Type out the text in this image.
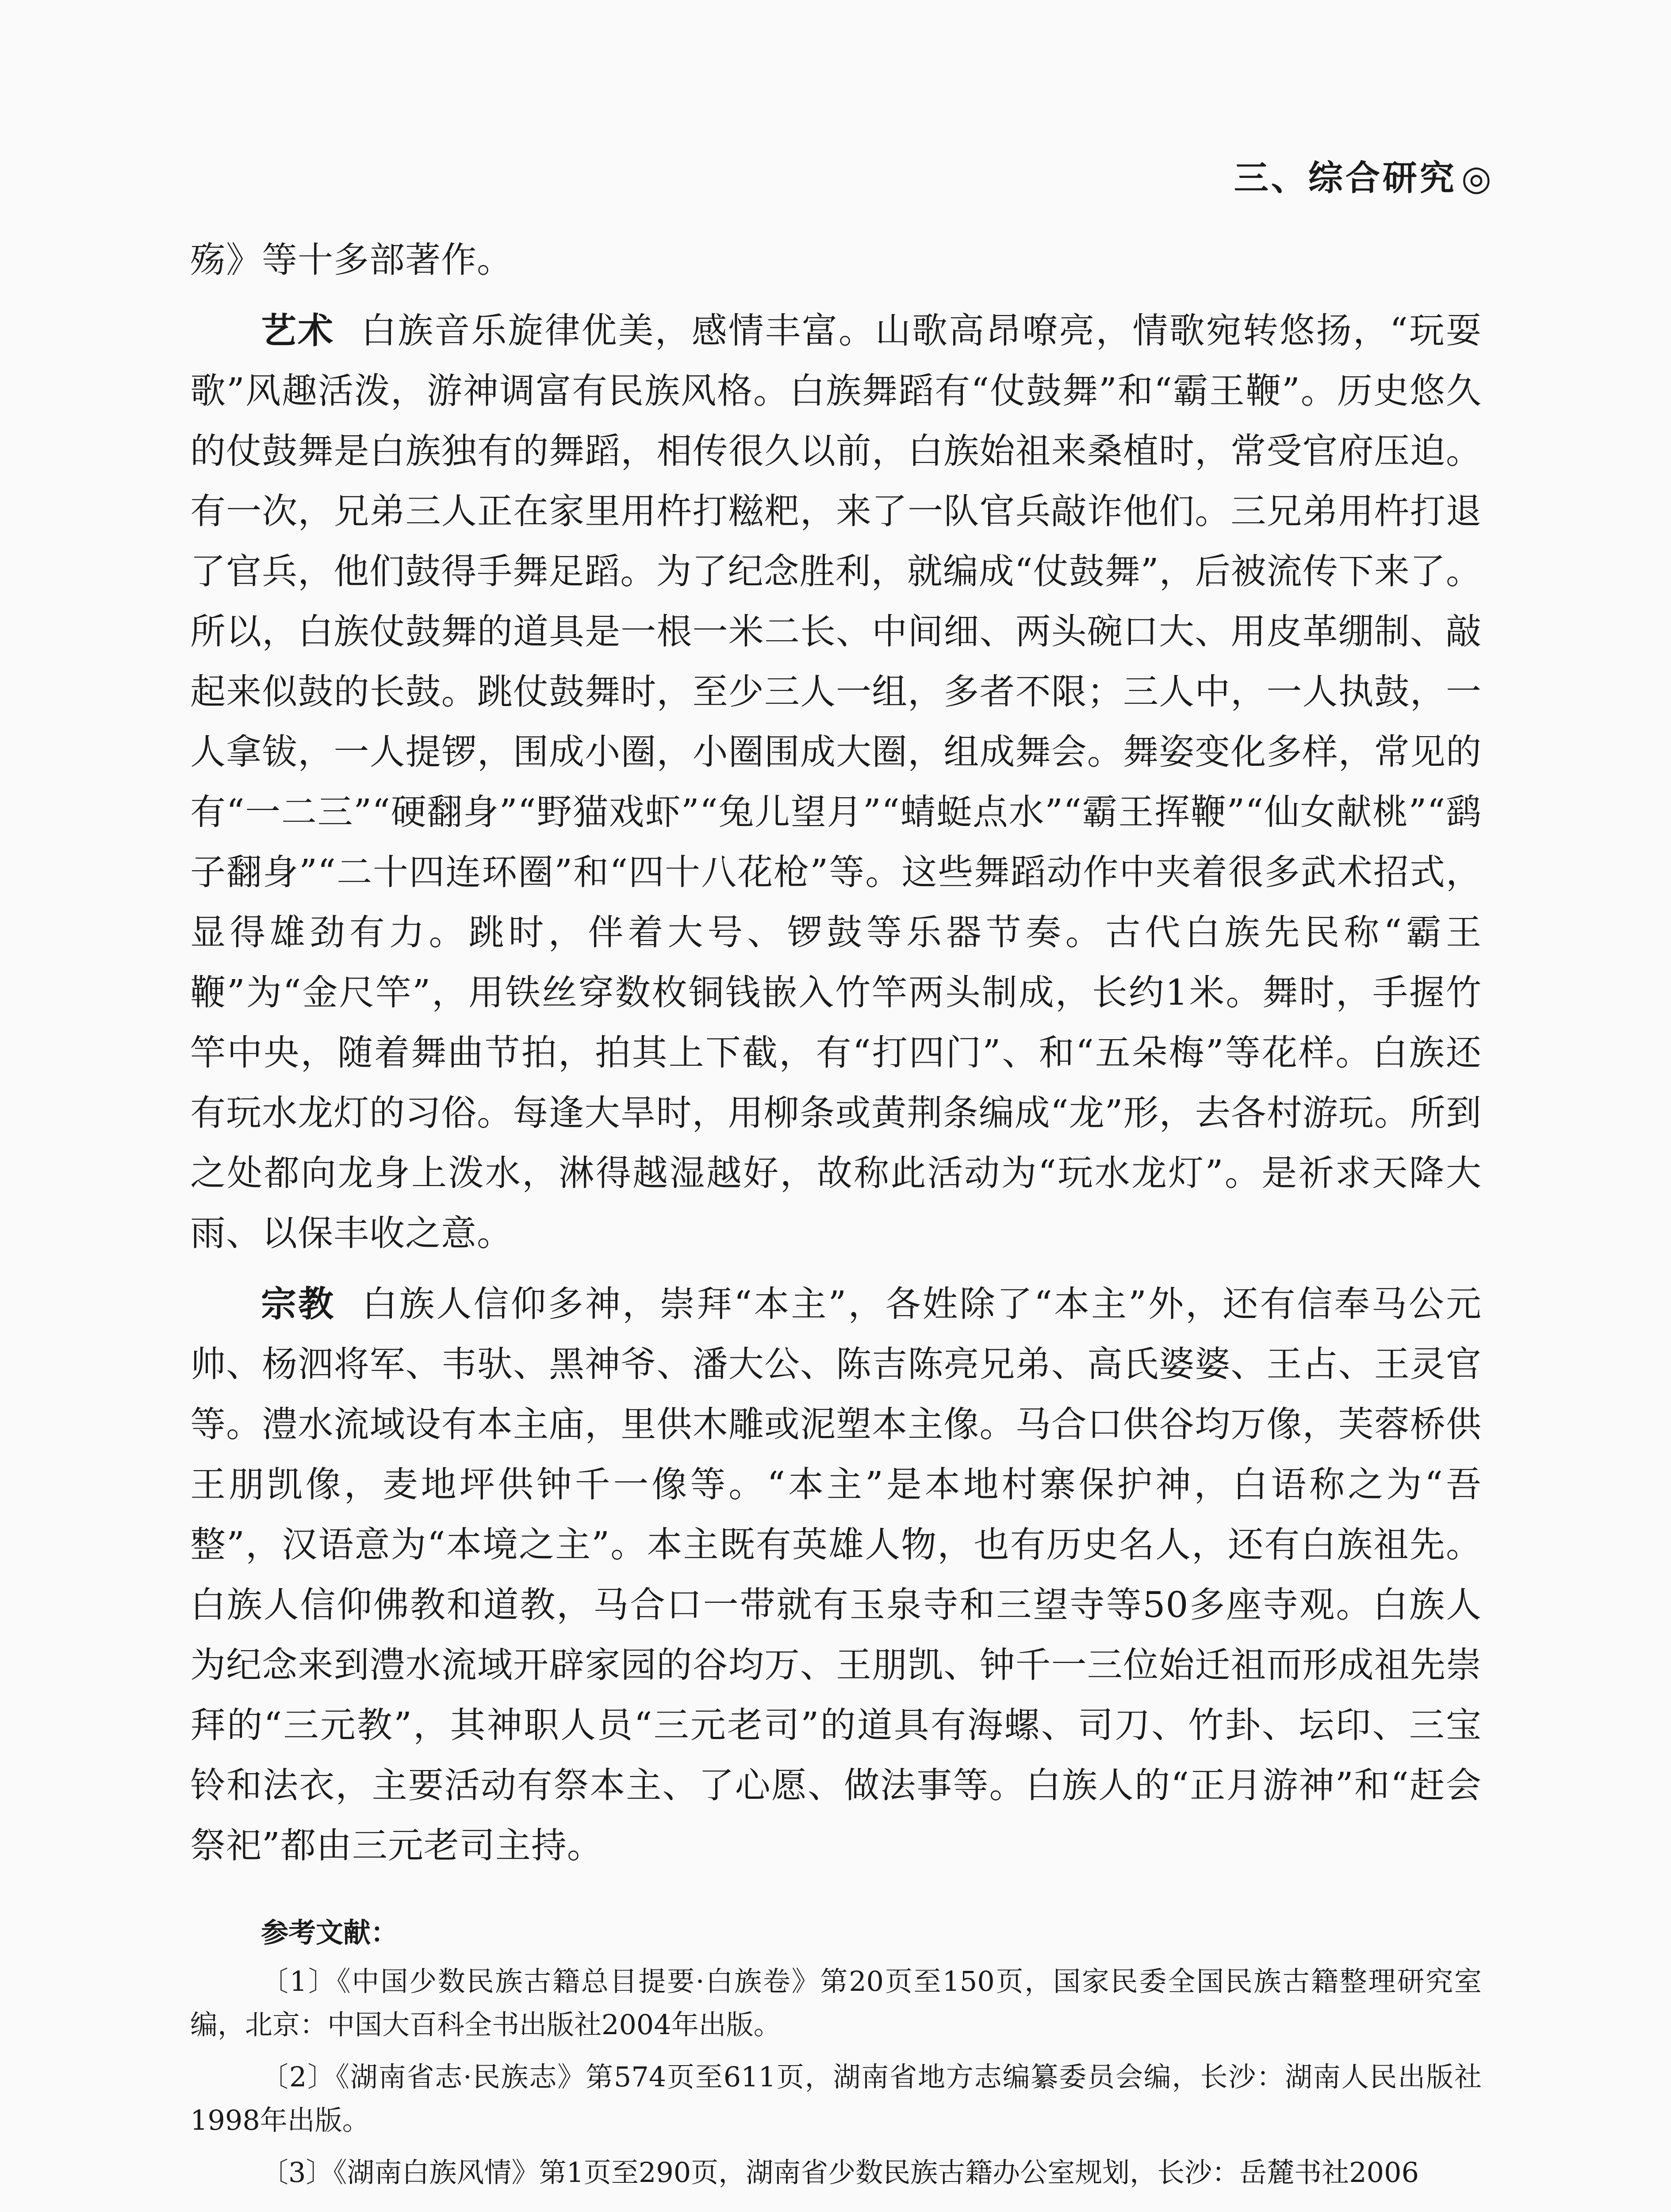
三、综合研究 ◎

殇》等十多部著作。

艺术 白族音乐旋律优美，感情丰富。山歌高昂嘹亮，情歌宛转悠扬，“玩耍歌”风趣活泼，游神调富有民族风格。白族舞蹈有“仗鼓舞”和“霸王鞭”。历史悠久的仗鼓舞是白族独有的舞蹈，相传很久以前，白族始祖来桑植时，常受官府压迫。有一次，兄弟三人正在家里用杵打糍粑，来了一队官兵敲诈他们。三兄弟用杵打退了官兵，他们鼓得手舞足蹈。为了纪念胜利，就编成“仗鼓舞”，后被流传下来了。所以，白族仗鼓舞的道具是一根一米二长、中间细、两头碗口大、用皮革绷制、敲起来似鼓的长鼓。跳仗鼓舞时，至少三人一组，多者不限；三人中，一人执鼓，一人拿钹，一人提锣，围成小圈，小圈围成大圈，组成舞会。舞姿变化多样，常见的有“一二三”“硬翻身”“野猫戏虾”“兔儿望月”“蜻蜓点水”“霸王挥鞭”“仙女献桃”“鹞子翻身”“二十四连环圈”和“四十八花枪”等。这些舞蹈动作中夹着很多武术招式，显得雄劲有力。跳时，伴着大号、锣鼓等乐器节奏。古代白族先民称“霸王鞭”为“金尺竿”，用铁丝穿数枚铜钱嵌入竹竿两头制成，长约1米。舞时，手握竹竿中央，随着舞曲节拍，拍其上下截，有“打四门”、和“五朵梅”等花样。白族还有玩水龙灯的习俗。每逢大旱时，用柳条或黄荆条编成“龙”形，去各村游玩。所到之处都向龙身上泼水，淋得越湿越好，故称此活动为“玩水龙灯”。是祈求天降大雨、以保丰收之意。

宗教 白族人信仰多神，崇拜“本主”，各姓除了“本主”外，还有信奉马公元帅、杨泗将军、韦驮、黑神爷、潘大公、陈吉陈亮兄弟、高氏婆婆、王占、王灵官等。澧水流域设有本主庙，里供木雕或泥塑本主像。马合口供谷均万像，芙蓉桥供王朋凯像，麦地坪供钟千一像等。“本主”是本地村寨保护神，白语称之为“吾整”，汉语意为“本境之主”。本主既有英雄人物，也有历史名人，还有白族祖先。白族人信仰佛教和道教，马合口一带就有玉泉寺和三望寺等50多座寺观。白族人为纪念来到澧水流域开辟家园的谷均万、王朋凯、钟千一三位始迁祖而形成祖先崇拜的“三元教”，其神职人员“三元老司”的道具有海螺、司刀、竹卦、坛印、三宝铃和法衣，主要活动有祭本主、了心愿、做法事等。白族人的“正月游神”和“赶会祭祀”都由三元老司主持。

参考文献：
〔1〕《中国少数民族古籍总目提要·白族卷》第20页至150页，国家民委全国民族古籍整理研究室编，北京：中国大百科全书出版社2004年出版。
〔2〕《湖南省志·民族志》第574页至611页，湖南省地方志编纂委员会编，长沙：湖南人民出版社1998年出版。
〔3〕《湖南白族风情》第1页至290页，湖南省少数民族古籍办公室规划，长沙：岳麓书社2006
